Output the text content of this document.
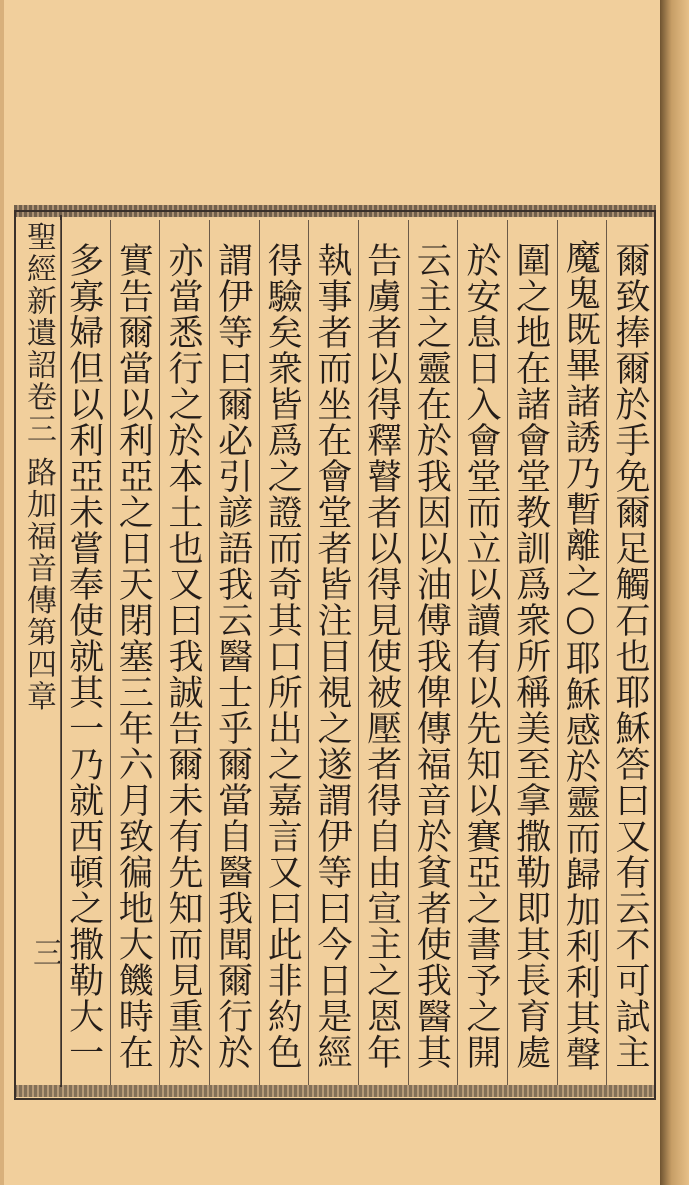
聖經新遺詔卷三 路加福音傳第四章
三
爾致捧爾於手免爾足觸石也耶穌答曰又有云不可試主
魔鬼既畢諸誘乃暫離之○耶穌感於靈而歸加利利其聲
圍之地在諸會堂教訓爲衆所稱美至拿撒勒即其長育處
於安息日入會堂而立以讀有以先知以賽亞之書予之開
云主之靈在於我因以油傅我俾傳福音於貧者使我醫其
告虜者以得釋瞽者以得見使被壓者得自由宣主之恩年
執事者而坐在會堂者皆注目視之遂謂伊等曰今日是經
得驗矣衆皆爲之證而奇其口所出之嘉言又曰此非約色
謂伊等曰爾必引諺語我云醫士乎爾當自醫我聞爾行於
亦當悉行之於本土也又曰我誠告爾未有先知而見重於
實告爾當以利亞之日天閉塞三年六月致徧地大饑時在
多寡婦但以利亞未嘗奉使就其一乃就西頓之撒勒大一
